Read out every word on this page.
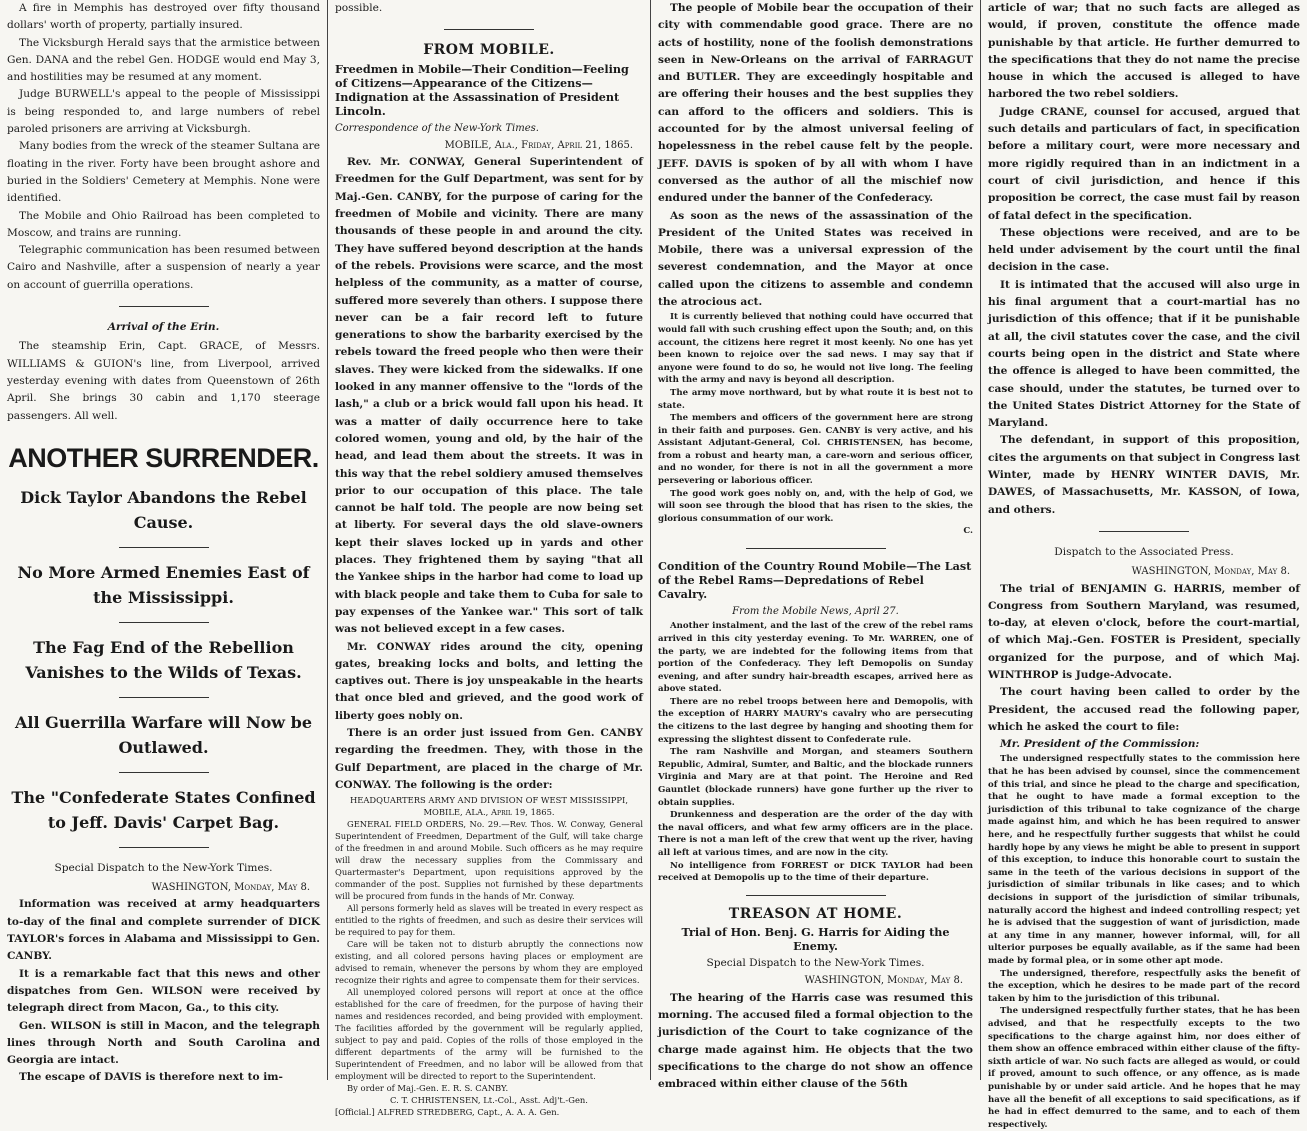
A fire in Memphis has destroyed over fifty thousand dollars' worth of property, partially insured.

The Vicksburgh Herald says that the armistice between Gen. DANA and the rebel Gen. HODGE would end May 3, and hostilities may be resumed at any moment.

Judge BURWELL's appeal to the people of Mississippi is being responded to, and large numbers of rebel paroled prisoners are arriving at Vicksburgh.

Many bodies from the wreck of the steamer Sultana are floating in the river. Forty have been brought ashore and buried in the Soldiers' Cemetery at Memphis. None were identified.

The Mobile and Ohio Railroad has been completed to Moscow, and trains are running.

Telegraphic communication has been resumed between Cairo and Nashville, after a suspension of nearly a year on account of guerrilla operations.

Arrival of the Erin.

The steamship Erin, Capt. GRACE, of Messrs. WILLIAMS & GUION's line, from Liverpool, arrived yesterday evening with dates from Queenstown of 26th April. She brings 30 cabin and 1,170 steerage passengers. All well.

ANOTHER SURRENDER.
Dick Taylor Abandons the Rebel Cause.
No More Armed Enemies East of the Mississippi.
The Fag End of the Rebellion Vanishes to the Wilds of Texas.
All Guerrilla Warfare will Now be Outlawed.
The "Confederate States Confined to Jeff. Davis' Carpet Bag.
Special Dispatch to the New-York Times.
WASHINGTON, Monday, May 8.

Information was received at army headquarters to-day of the final and complete surrender of DICK TAYLOR's forces in Alabama and Mississippi to Gen. CANBY.

It is a remarkable fact that this news and other dispatches from Gen. WILSON were received by telegraph direct from Macon, Ga., to this city.

Gen. WILSON is still in Macon, and the telegraph lines through North and South Carolina and Georgia are intact.

The escape of DAVIS is therefore next to im-

possible.

FROM MOBILE.
Freedmen in Mobile—Their Condition—Feeling of Citizens—Appearance of the Citizens—Indignation at the Assassination of President Lincoln.

Correspondence of the New-York Times.

MOBILE, Ala., Friday, April 21, 1865.

Rev. Mr. CONWAY, General Superintendent of Freedmen for the Gulf Department, was sent for by Maj.-Gen. CANBY, for the purpose of caring for the freedmen of Mobile and vicinity. There are many thousands of these people in and around the city. They have suffered beyond description at the hands of the rebels. Provisions were scarce, and the most helpless of the community, as a matter of course, suffered more severely than others. I suppose there never can be a fair record left to future generations to show the barbarity exercised by the rebels toward the freed people who then were their slaves. They were kicked from the sidewalks. If one looked in any manner offensive to the "lords of the lash," a club or a brick would fall upon his head. It was a matter of daily occurrence here to take colored women, young and old, by the hair of the head, and lead them about the streets. It was in this way that the rebel soldiery amused themselves prior to our occupation of this place. The tale cannot be half told. The people are now being set at liberty. For several days the old slave-owners kept their slaves locked up in yards and other places. They frightened them by saying "that all the Yankee ships in the harbor had come to load up with black people and take them to Cuba for sale to pay expenses of the Yankee war." This sort of talk was not believed except in a few cases.

Mr. CONWAY rides around the city, opening gates, breaking locks and bolts, and letting the captives out. There is joy unspeakable in the hearts that once bled and grieved, and the good work of liberty goes nobly on.

There is an order just issued from Gen. CANBY regarding the freedmen. They, with those in the Gulf Department, are placed in the charge of Mr. CONWAY. The following is the order:

HEADQUARTERS ARMY AND DIVISION OF WEST MISSISSIPPI, MOBILE, ALA., April 19, 1865.

GENERAL FIELD ORDERS, No. 29.—Rev. Thos. W. Conway, General Superintendent of Freedmen, Department of the Gulf, will take charge of the freedmen in and around Mobile. Such officers as he may require will draw the necessary supplies from the Commissary and Quartermaster's Department, upon requisitions approved by the commander of the post. Supplies not furnished by these departments will be procured from funds in the hands of Mr. Conway.

All persons formerly held as slaves will be treated in every respect as entitled to the rights of freedmen, and such as desire their services will be required to pay for them.

Care will be taken not to disturb abruptly the connections now existing, and all colored persons having places or employment are advised to remain, whenever the persons by whom they are employed recognize their rights and agree to compensate them for their services.

All unemployed colored persons will report at once at the office established for the care of freedmen, for the purpose of having their names and residences recorded, and being provided with employment. The facilities afforded by the government will be regularly applied, subject to pay and paid. Copies of the rolls of those employed in the different departments of the army will be furnished to the Superintendent of Freedmen, and no labor will be allowed from that employment will be directed to report to the Superintendent.

By order of Maj.-Gen. E. R. S. CANBY.

C. T. CHRISTENSEN, Lt.-Col., Asst. Adj't.-Gen.

[Official.] ALFRED STREDBERG, Capt., A. A. A. Gen.

The people of Mobile bear the occupation of their city with commendable good grace. There are no acts of hostility, none of the foolish demonstrations seen in New-Orleans on the arrival of FARRAGUT and BUTLER. They are exceedingly hospitable and are offering their houses and the best supplies they can afford to the officers and soldiers. This is accounted for by the almost universal feeling of hopelessness in the rebel cause felt by the people. JEFF. DAVIS is spoken of by all with whom I have conversed as the author of all the mischief now endured under the banner of the Confederacy.

As soon as the news of the assassination of the President of the United States was received in Mobile, there was a universal expression of the severest condemnation, and the Mayor at once called upon the citizens to assemble and condemn the atrocious act.

It is currently believed that nothing could have occurred that would fall with such crushing effect upon the South; and, on this account, the citizens here regret it most keenly. No one has yet been known to rejoice over the sad news. I may say that if anyone were found to do so, he would not live long. The feeling with the army and navy is beyond all description.

The army move northward, but by what route it is best not to state.

The members and officers of the government here are strong in their faith and purposes. Gen. CANBY is very active, and his Assistant Adjutant-General, Col. CHRISTENSEN, has become, from a robust and hearty man, a care-worn and serious officer, and no wonder, for there is not in all the government a more persevering or laborious officer.

The good work goes nobly on, and, with the help of God, we will soon see through the blood that has risen to the skies, the glorious consummation of our work.

C.

Condition of the Country Round Mobile—The Last of the Rebel Rams—Depredations of Rebel Cavalry.

From the Mobile News, April 27.

Another instalment, and the last of the crew of the rebel rams arrived in this city yesterday evening. To Mr. WARREN, one of the party, we are indebted for the following items from that portion of the Confederacy. They left Demopolis on Sunday evening, and after sundry hair-breadth escapes, arrived here as above stated.

There are no rebel troops between here and Demopolis, with the exception of HARRY MAURY's cavalry who are persecuting the citizens to the last degree by hanging and shooting them for expressing the slightest dissent to Confederate rule.

The ram Nashville and Morgan, and steamers Southern Republic, Admiral, Sumter, and Baltic, and the blockade runners Virginia and Mary are at that point. The Heroine and Red Gauntlet (blockade runners) have gone further up the river to obtain supplies.

Drunkenness and desperation are the order of the day with the naval officers, and what few army officers are in the place. There is not a man left of the crew that went up the river, having all left at various times, and are now in the city.

No intelligence from FORREST or DICK TAYLOR had been received at Demopolis up to the time of their departure.

TREASON AT HOME.
Trial of Hon. Benj. G. Harris for Aiding the Enemy.
Special Dispatch to the New-York Times.
WASHINGTON, Monday, May 8.

The hearing of the Harris case was resumed this morning. The accused filed a formal objection to the jurisdiction of the Court to take cognizance of the charge made against him. He objects that the two specifications to the charge do not show an offence embraced within either clause of the 56th

article of war; that no such facts are alleged as would, if proven, constitute the offence made punishable by that article. He further demurred to the specifications that they do not name the precise house in which the accused is alleged to have harbored the two rebel soldiers.

Judge CRANE, counsel for accused, argued that such details and particulars of fact, in specification before a military court, were more necessary and more rigidly required than in an indictment in a court of civil jurisdiction, and hence if this proposition be correct, the case must fail by reason of fatal defect in the specification.

These objections were received, and are to be held under advisement by the court until the final decision in the case.

It is intimated that the accused will also urge in his final argument that a court-martial has no jurisdiction of this offence; that if it be punishable at all, the civil statutes cover the case, and the civil courts being open in the district and State where the offence is alleged to have been committed, the case should, under the statutes, be turned over to the United States District Attorney for the State of Maryland.

The defendant, in support of this proposition, cites the arguments on that subject in Congress last Winter, made by HENRY WINTER DAVIS, Mr. DAWES, of Massachusetts, Mr. KASSON, of Iowa, and others.

Dispatch to the Associated Press.
WASHINGTON, Monday, May 8.

The trial of BENJAMIN G. HARRIS, member of Congress from Southern Maryland, was resumed, to-day, at eleven o'clock, before the court-martial, of which Maj.-Gen. FOSTER is President, specially organized for the purpose, and of which Maj. WINTHROP is Judge-Advocate.

The court having been called to order by the President, the accused read the following paper, which he asked the court to file:

Mr. President of the Commission:

The undersigned respectfully states to the commission here that he has been advised by counsel, since the commencement of this trial, and since he plead to the charge and specification, that he ought to have made a formal exception to the jurisdiction of this tribunal to take cognizance of the charge made against him, and which he has been required to answer here, and he respectfully further suggests that whilst he could hardly hope by any views he might be able to present in support of this exception, to induce this honorable court to sustain the same in the teeth of the various decisions in support of the jurisdiction of similar tribunals in like cases; and to which decisions in support of the jurisdiction of similar tribunals, naturally accord the highest and indeed controlling respect; yet he is advised that the suggestion of want of jurisdiction, made at any time in any manner, however informal, will, for all ulterior purposes be equally available, as if the same had been made by formal plea, or in some other apt mode.

The undersigned, therefore, respectfully asks the benefit of the exception, which he desires to be made part of the record taken by him to the jurisdiction of this tribunal.

The undersigned respectfully further states, that he has been advised, and that he respectfully excepts to the two specifications to the charge against him, nor does either of them show an offence embraced within either clause of the fifty-sixth article of war. No such facts are alleged as would, or could if proved, amount to such offence, or any offence, as is made punishable by or under said article. And he hopes that he may have all the benefit of all exceptions to said specifications, as if he had in effect demurred to the same, and to each of them respectively.
